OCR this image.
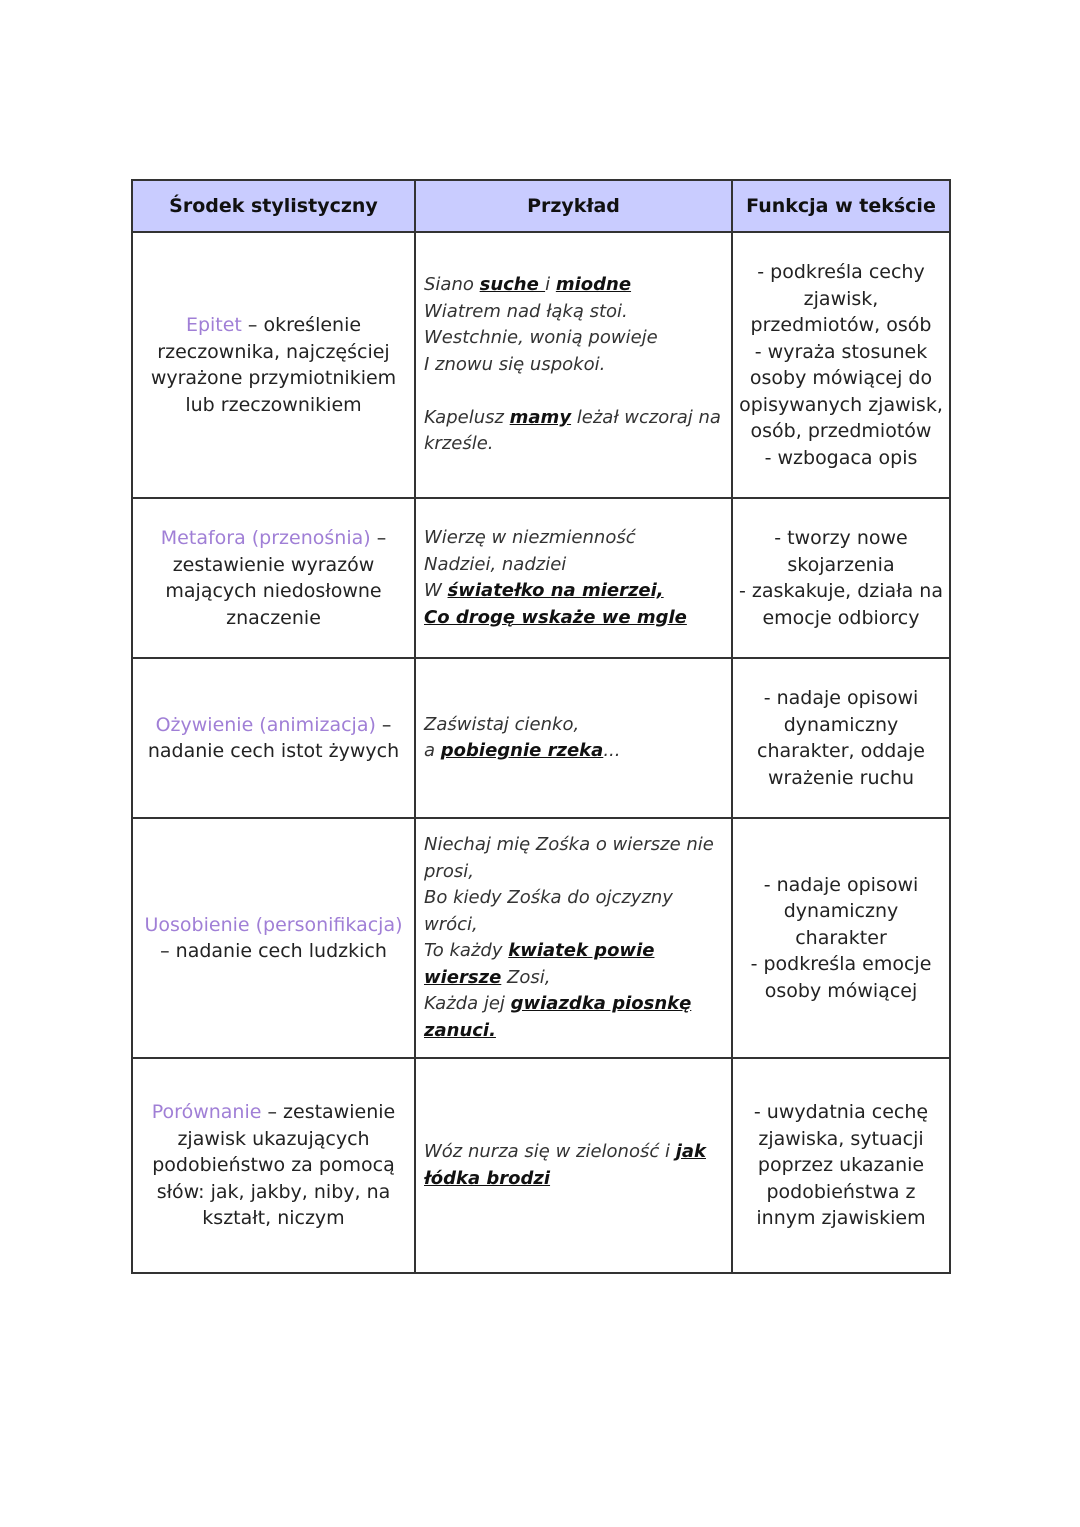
Środek stylistyczny	Przykład	Funkcja w tekście
Epitet – określenie rzeczownika, najczęściej wyrażone przymiotnikiem lub rzeczownikiem	Siano suche i miodne
Wiatrem nad łąką stoi.
Westchnie, wonią powieje
I znowu się uspokoi.
Kapelusz mamy leżał wczoraj na krześle.	- podkreśla cechy zjawisk, przedmiotów, osób
- wyraża stosunek osoby mówiącej do opisywanych zjawisk, osób, przedmiotów
- wzbogaca opis

Metafora (przenośnia) – zestawienie wyrazów mających niedosłowne znaczenie	Wierzę w niezmienność
Nadziei, nadziei
W światełko na mierzei,
Co drogę wskaże we mgle	- tworzy nowe skojarzenia
- zaskakuje, działa na emocje odbiorcy

Ożywienie (animizacja) – nadanie cech istot żywych	Zaświstaj cienko,
a pobiegnie rzeka...	- nadaje opisowi dynamiczny charakter, oddaje wrażenie ruchu

Uosobienie (personifikacja) – nadanie cech ludzkich	Niechaj mię Zośka o wiersze nie prosi,
Bo kiedy Zośka do ojczyzny wróci,
To każdy kwiatek powie wiersze Zosi,
Każda jej gwiazdka piosnkę zanuci.	- nadaje opisowi dynamiczny charakter
- podkreśla emocje osoby mówiącej

Porównanie – zestawienie zjawisk ukazujących podobieństwo za pomocą słów: jak, jakby, niby, na kształt, niczym	Wóz nurza się w zieloność i jak łódka brodzi	- uwydatnia cechę zjawiska, sytuacji poprzez ukazanie podobieństwa z innym zjawiskiem
